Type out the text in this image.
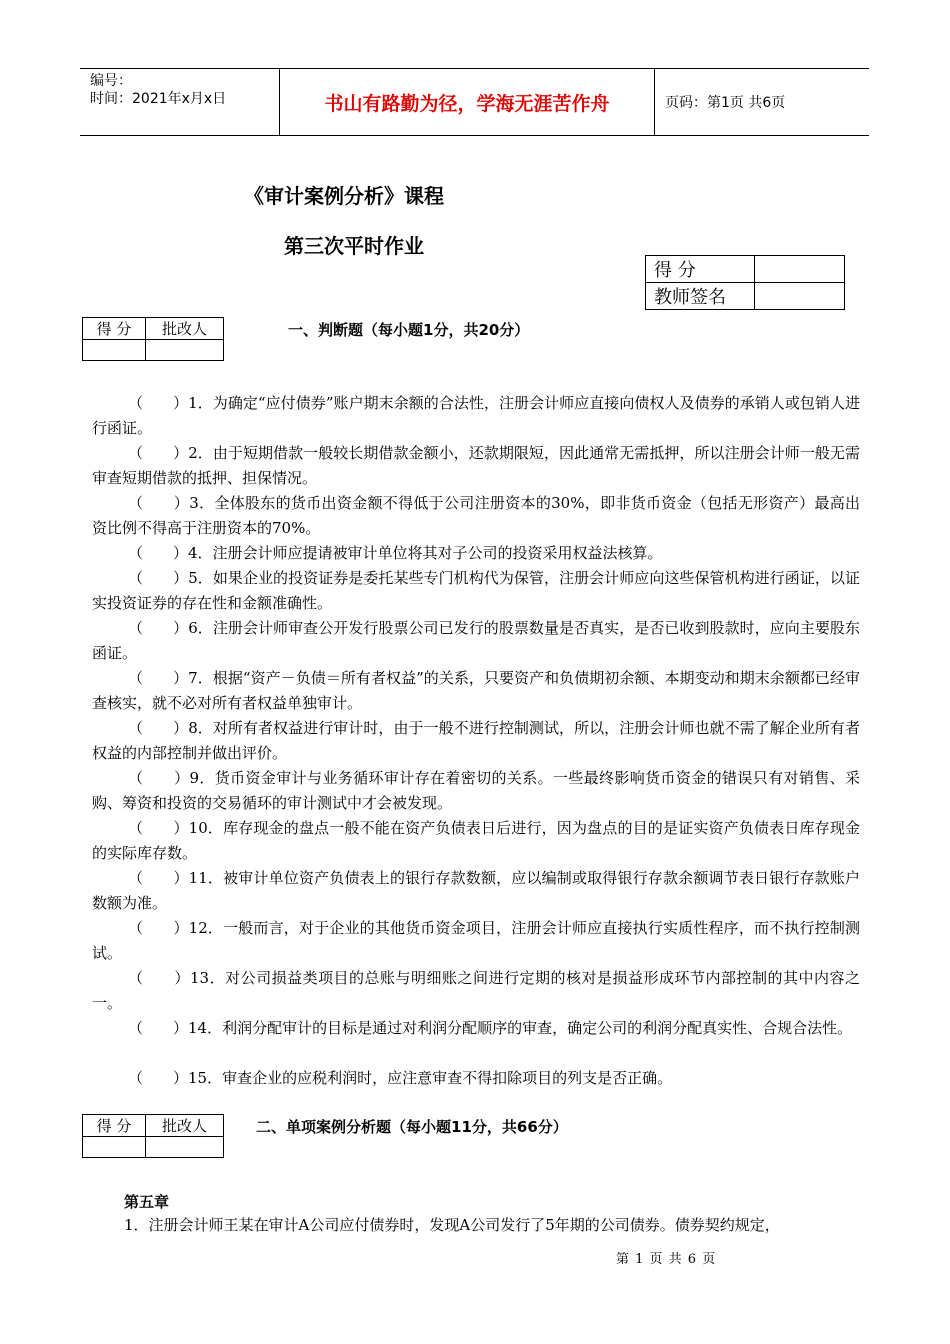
编号：
时间：2021年x月x日	书山有路勤为径，学海无涯苦作舟	页码：第1页 共6页
《审计案例分析》课程
第三次平时作业
得 分	
教师签名	
得 分	批改人
		一、判断题（每小题1分，共20分）

（　　）1．为确定“应付债券”账户期末余额的合法性，注册会计师应直接向债权人及债券的承销人或包销人进行函证。

（　　）2．由于短期借款一般较长期借款金额小，还款期限短，因此通常无需抵押，所以注册会计师一般无需审查短期借款的抵押、担保情况。

（　　）3．全体股东的货币出资金额不得低于公司注册资本的30%，即非货币资金（包括无形资产）最高出资比例不得高于注册资本的70%。

（　　）4．注册会计师应提请被审计单位将其对子公司的投资采用权益法核算。

（　　）5．如果企业的投资证券是委托某些专门机构代为保管，注册会计师应向这些保管机构进行函证，以证实投资证券的存在性和金额准确性。

（　　）6．注册会计师审查公开发行股票公司已发行的股票数量是否真实，是否已收到股款时，应向主要股东函证。

（　　）7．根据“资产－负债＝所有者权益”的关系，只要资产和负债期初余额、本期变动和期末余额都已经审查核实，就不必对所有者权益单独审计。

（　　）8．对所有者权益进行审计时，由于一般不进行控制测试，所以，注册会计师也就不需了解企业所有者权益的内部控制并做出评价。

（　　）9．货币资金审计与业务循环审计存在着密切的关系。一些最终影响货币资金的错误只有对销售、采购、筹资和投资的交易循环的审计测试中才会被发现。

（　　）10．库存现金的盘点一般不能在资产负债表日后进行，因为盘点的目的是证实资产负债表日库存现金的实际库存数。

（　　）11．被审计单位资产负债表上的银行存款数额，应以编制或取得银行存款余额调节表日银行存款账户数额为准。

（　　）12．一般而言，对于企业的其他货币资金项目，注册会计师应直接执行实质性程序，而不执行控制测试。

（　　）13．对公司损益类项目的总账与明细账之间进行定期的核对是损益形成环节内部控制的其中内容之一。

（　　）14．利润分配审计的目标是通过对利润分配顺序的审查，确定公司的利润分配真实性、合规合法性。

（　　）15．审查企业的应税利润时，应注意审查不得扣除项目的列支是否正确。

得 分	批改人
		二、单项案例分析题（每小题11分，共66分）
第五章
1．注册会计师王某在审计A公司应付债券时，发现A公司发行了5年期的公司债券。债券契约规定，
第 1 页 共 6 页
